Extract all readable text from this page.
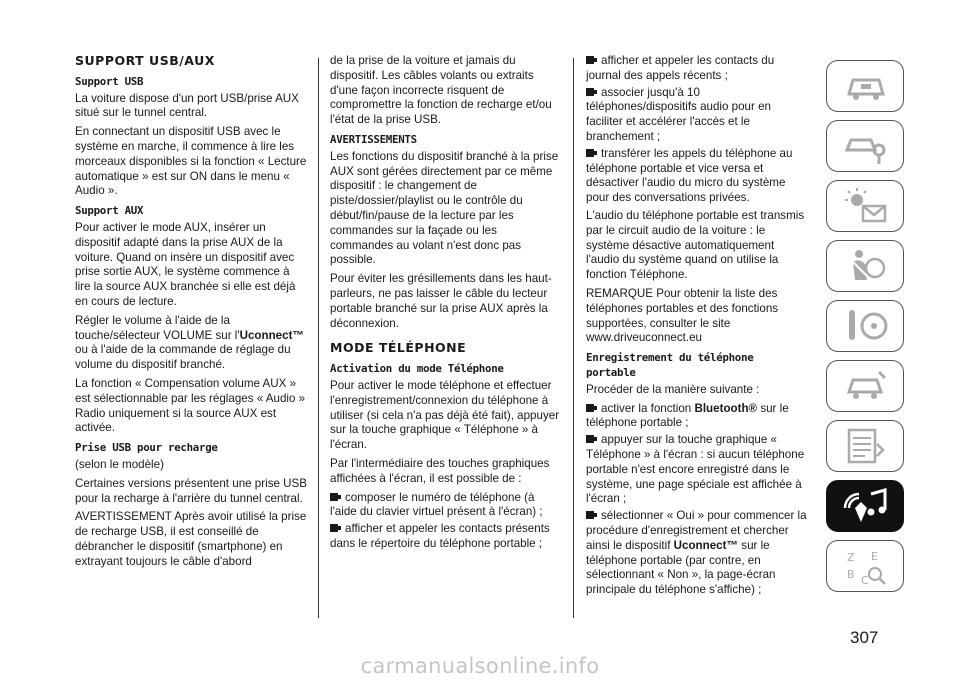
SUPPORT USB/AUX
Support USB

La voiture dispose d'un port USB/prise AUX situé sur le tunnel central.

En connectant un dispositif USB avec le système en marche, il commence à lire les morceaux disponibles si la fonction « Lecture automatique » est sur ON dans le menu « Audio ».

Support AUX

Pour activer le mode AUX, insérer un dispositif adapté dans la prise AUX de la voiture. Quand on insère un dispositif avec prise sortie AUX, le système commence à lire la source AUX branchée si elle est déjà en cours de lecture.

Régler le volume à l'aide de la touche/sélecteur VOLUME sur l'Uconnect™ ou à l'aide de la commande de réglage du volume du dispositif branché.

La fonction « Compensation volume AUX » est sélectionnable par les réglages « Audio » Radio uniquement si la source AUX est activée.

Prise USB pour recharge

(selon le modèle)

Certaines versions présentent une prise USB pour la recharge à l'arrière du tunnel central.

AVERTISSEMENT Après avoir utilisé la prise de recharge USB, il est conseillé de débrancher le dispositif (smartphone) en extrayant toujours le câble d'abord

de la prise de la voiture et jamais du dispositif. Les câbles volants ou extraits d'une façon incorrecte risquent de compromettre la fonction de recharge et/ou l'état de la prise USB.

AVERTISSEMENTS

Les fonctions du dispositif branché à la prise AUX sont gérées directement par ce même dispositif : le changement de piste/dossier/playlist ou le contrôle du début/fin/pause de la lecture par les commandes sur la façade ou les commandes au volant n'est donc pas possible.

Pour éviter les grésillements dans les haut-parleurs, ne pas laisser le câble du lecteur portable branché sur la prise AUX après la déconnexion.

MODE TÉLÉPHONE
Activation du mode Téléphone

Pour activer le mode téléphone et effectuer l'enregistrement/connexion du téléphone à utiliser (si cela n'a pas déjà été fait), appuyer sur la touche graphique « Téléphone » à l'écran.

Par l'intermédiaire des touches graphiques affichées à l'écran, il est possible de :

composer le numéro de téléphone (à l'aide du clavier virtuel présent à l'écran) ;
afficher et appeler les contacts présents dans le répertoire du téléphone portable ;
afficher et appeler les contacts du journal des appels récents ;
associer jusqu'à 10 téléphones/dispositifs audio pour en faciliter et accélérer l'accès et le branchement ;
transférer les appels du téléphone au téléphone portable et vice versa et désactiver l'audio du micro du système pour des conversations privées.

L'audio du téléphone portable est transmis par le circuit audio de la voiture : le système désactive automatiquement l'audio du système quand on utilise la fonction Téléphone.

REMARQUE Pour obtenir la liste des téléphones portables et des fonctions supportées, consulter le site www.driveuconnect.eu

Enregistrement du téléphone portable

Procéder de la manière suivante :

activer la fonction Bluetooth® sur le téléphone portable ;
appuyer sur la touche graphique « Téléphone » à l'écran : si aucun téléphone portable n'est encore enregistré dans le système, une page spéciale est affichée à l'écran ;
sélectionner « Oui » pour commencer la procédure d'enregistrement et chercher ainsi le dispositif Uconnect™ sur le téléphone portable (par contre, en sélectionnant « Non », la page-écran principale du téléphone s'affiche) ;
Z E
B C
307
carmanualsonline.info
